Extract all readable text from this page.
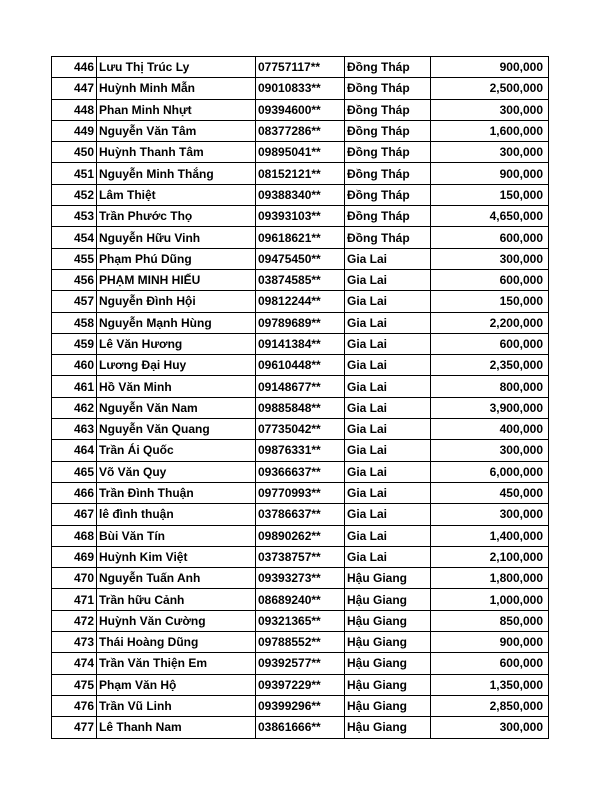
446	Lưu Thị Trúc Ly	07757117**	Đồng Tháp	900,000
447	Huỳnh Minh Mẫn	09010833**	Đồng Tháp	2,500,000
448	Phan Minh Nhựt	09394600**	Đồng Tháp	300,000
449	Nguyễn Văn Tâm	08377286**	Đồng Tháp	1,600,000
450	Huỳnh Thanh Tâm	09895041**	Đồng Tháp	300,000
451	Nguyễn Minh Thắng	08152121**	Đồng Tháp	900,000
452	Lâm Thiệt	09388340**	Đồng Tháp	150,000
453	Trần Phước Thọ	09393103**	Đồng Tháp	4,650,000
454	Nguyễn Hữu Vinh	09618621**	Đồng Tháp	600,000
455	Phạm Phú Dũng	09475450**	Gia Lai	300,000
456	PHẠM MINH HIẾU	03874585**	Gia Lai	600,000
457	Nguyễn Đình Hội	09812244**	Gia Lai	150,000
458	Nguyễn Mạnh Hùng	09789689**	Gia Lai	2,200,000
459	Lê Văn Hương	09141384**	Gia Lai	600,000
460	Lương Đại Huy	09610448**	Gia Lai	2,350,000
461	Hồ Văn Minh	09148677**	Gia Lai	800,000
462	Nguyễn Văn Nam	09885848**	Gia Lai	3,900,000
463	Nguyễn Văn Quang	07735042**	Gia Lai	400,000
464	Trần Ái Quốc	09876331**	Gia Lai	300,000
465	Võ Văn Quy	09366637**	Gia Lai	6,000,000
466	Trần Đình Thuận	09770993**	Gia Lai	450,000
467	lê đình thuận	03786637**	Gia Lai	300,000
468	Bùi Văn Tín	09890262**	Gia Lai	1,400,000
469	Huỳnh Kim Việt	03738757**	Gia Lai	2,100,000
470	Nguyễn Tuấn Anh	09393273**	Hậu Giang	1,800,000
471	Trần hữu Cảnh	08689240**	Hậu Giang	1,000,000
472	Huỳnh Văn Cường	09321365**	Hậu Giang	850,000
473	Thái Hoàng Dũng	09788552**	Hậu Giang	900,000
474	Trần Văn Thiện Em	09392577**	Hậu Giang	600,000
475	Phạm Văn Hộ	09397229**	Hậu Giang	1,350,000
476	Trần Vũ Linh	09399296**	Hậu Giang	2,850,000
477	Lê Thanh Nam	03861666**	Hậu Giang	300,000
